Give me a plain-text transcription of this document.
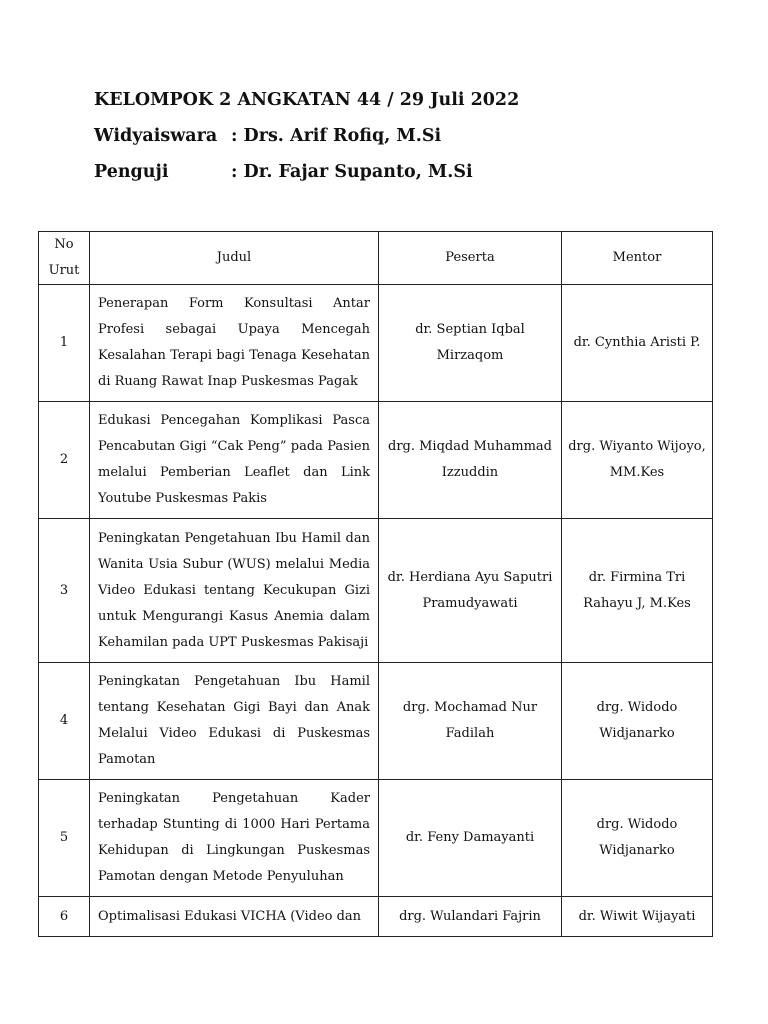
KELOMPOK 2 ANGKATAN 44 / 29 Juli 2022
Widyaiswara : Drs. Arif Rofiq, M.Si
Penguji	: Dr. Fajar Supanto, M.Si
No
Urut	Judul	Peserta	Mentor
1	Penerapan Form Konsultasi Antar Profesi sebagai Upaya Mencegah Kesalahan Terapi bagi Tenaga Kesehatan di Ruang Rawat Inap Puskesmas Pagak	dr. Septian Iqbal Mirzaqom	dr. Cynthia Aristi P.

2	Edukasi Pencegahan Komplikasi Pasca Pencabutan Gigi “Cak Peng” pada Pasien melalui Pemberian Leaflet dan Link Youtube Puskesmas Pakis	drg. Miqdad Muhammad Izzuddin	drg. Wiyanto Wijoyo, MM.Kes

3	Peningkatan Pengetahuan Ibu Hamil dan Wanita Usia Subur (WUS) melalui Media Video Edukasi tentang Kecukupan Gizi untuk Mengurangi Kasus Anemia dalam Kehamilan pada UPT Puskesmas Pakisaji	dr. Herdiana Ayu Saputri Pramudyawati	dr. Firmina Tri Rahayu J, M.Kes

4	Peningkatan Pengetahuan Ibu Hamil tentang Kesehatan Gigi Bayi dan Anak Melalui Video Edukasi di Puskesmas Pamotan	drg. Mochamad Nur Fadilah	drg. Widodo Widjanarko

5	Peningkatan Pengetahuan Kader terhadap Stunting di 1000 Hari Pertama Kehidupan di Lingkungan Puskesmas Pamotan dengan Metode Penyuluhan	dr. Feny Damayanti	drg. Widodo Widjanarko

6	Optimalisasi Edukasi VICHA (Video dan	drg. Wulandari Fajrin	dr. Wiwit Wijayati
